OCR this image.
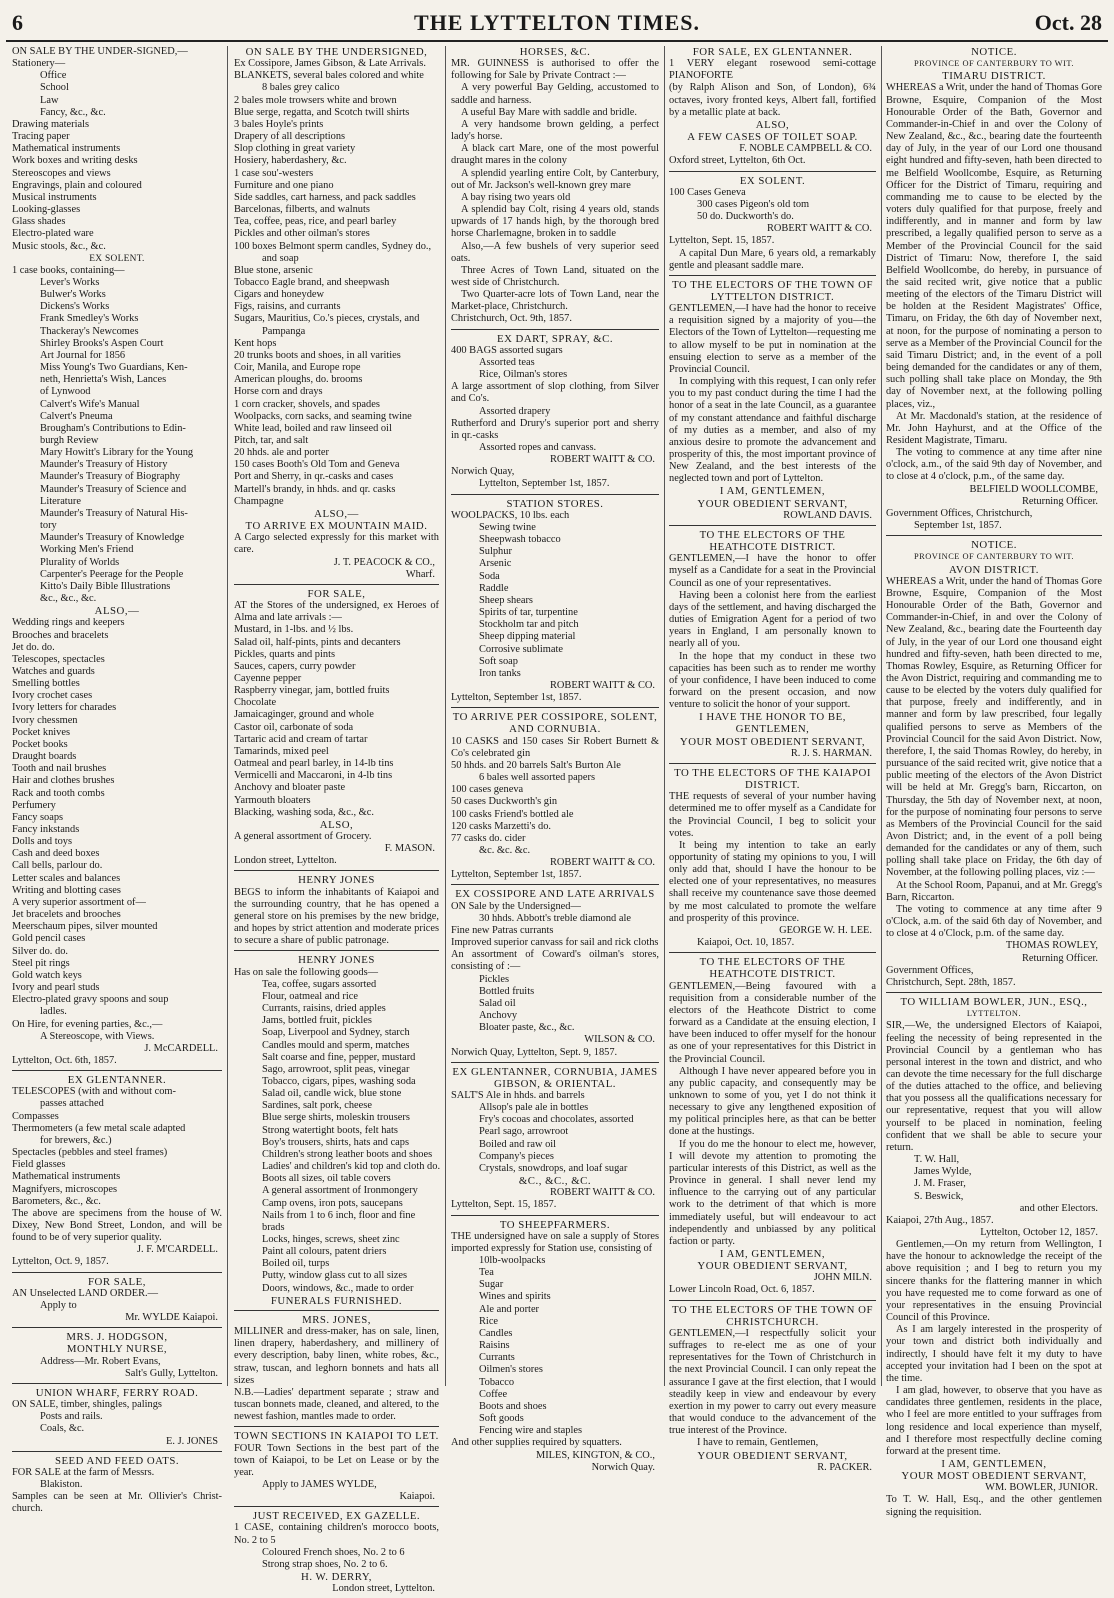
6	THE LYTTELTON TIMES.	Oct. 28
ON SALE BY THE UNDER-SIGNED,—
Stationery—
Office
School
Law
Fancy, &c., &c.
Drawing materials
Tracing paper
Mathematical instruments
Work boxes and writing desks
Stereoscopes and views
Engravings, plain and coloured
Musical instruments
Looking-glasses
Glass shades
Electro-plated ware
Music stools, &c., &c.
EX SOLENT.
1 case books, containing—
Lever's Works
Bulwer's Works
Dickens's Works
Frank Smedley's Works
Thackeray's Newcomes
Shirley Brooks's Aspen Court
Art Journal for 1856
Miss Young's Two Guardians, Ken-
neth, Henrietta's Wish, Lances
of Lynwood
Calvert's Wife's Manual
Calvert's Pneuma
Brougham's Contributions to Edin-
burgh Review
Mary Howitt's Library for the Young
Maunder's Treasury of History
Maunder's Treasury of Biography
Maunder's Treasury of Science and
Literature
Maunder's Treasury of Natural His-
tory
Maunder's Treasury of Knowledge
Working Men's Friend
Plurality of Worlds
Carpenter's Peerage for the People
Kitto's Daily Bible Illustrations
&c., &c., &c.
ALSO,—
Wedding rings and keepers
Brooches and bracelets
Jet do. do.
Telescopes, spectacles
Watches and guards
Smelling bottles
Ivory crochet cases
Ivory letters for charades
Ivory chessmen
Pocket knives
Pocket books
Draught boards
Tooth and nail brushes
Hair and clothes brushes
Rack and tooth combs
Perfumery
Fancy soaps
Fancy inkstands
Dolls and toys
Cash and deed boxes
Call bells, parlour do.
Letter scales and balances
Writing and blotting cases
A very superior assortment of—
Jet bracelets and brooches
Meerschaum pipes, silver mounted
Gold pencil cases
Silver do. do.
Steel pit rings
Gold watch keys
Ivory and pearl studs
Electro-plated gravy spoons and soup
ladles.
On Hire, for evening parties, &c.,—
A Stereoscope, with Views.
J. McCARDELL.
Lyttelton, Oct. 6th, 1857.
EX GLENTANNER.
TELESCOPES (with and without com-
passes attached
Compasses
Thermometers (a few metal scale adapted
for brewers, &c.)
Spectacles (pebbles and steel frames)
Field glasses
Mathematical instruments
Magnifyers, microscopes
Barometers, &c., &c.
The above are specimens from the house of W. Dixey, New Bond Street, London, and will be found to be of very superior quality.
J. F. M'CARDELL.
Lyttelton, Oct. 9, 1857.
FOR SALE,
AN Unselected LAND ORDER.—
Apply to
Mr. WYLDE Kaiapoi.
MRS. J. HODGSON,
MONTHLY NURSE,
Address—Mr. Robert Evans,
Salt's Gully, Lyttelton.
UNION WHARF, FERRY ROAD.
ON SALE, timber, shingles, palings
Posts and rails.
Coals, &c.
E. J. JONES
SEED AND FEED OATS.
FOR SALE at the farm of Messrs.
Blakiston.
Samples can be seen at Mr. Ollivier's Christ-church.
ON SALE BY THE UNDERSIGNED,
Ex Cossipore, James Gibson, & Late Arrivals.
BLANKETS, several bales colored and white
8 bales grey calico
2 bales mole trowsers white and brown
Blue serge, regatta, and Scotch twill shirts
3 bales Hoyle's prints
Drapery of all descriptions
Slop clothing in great variety
Hosiery, haberdashery, &c.
1 case sou'-westers
Furniture and one piano
Side saddles, cart harness, and pack saddles
Barcelonas, filberts, and walnuts
Tea, coffee, peas, rice, and pearl barley
Pickles and other oilman's stores
100 boxes Belmont sperm candles, Sydney do.,
and soap
Blue stone, arsenic
Tobacco Eagle brand, and sheepwash
Cigars and honeydew
Figs, raisins, and currants
Sugars, Mauritius, Co.'s pieces, crystals, and
Pampanga
Kent hops
20 trunks boots and shoes, in all varities
Coir, Manila, and Europe rope
American ploughs, do. brooms
Horse corn and drays
1 corn cracker, shovels, and spades
Woolpacks, corn sacks, and seaming twine
White lead, boiled and raw linseed oil
Pitch, tar, and salt
20 hhds. ale and porter
150 cases Booth's Old Tom and Geneva
Port and Sherry, in qr.-casks and cases
Martell's brandy, in hhds. and qr. casks
Champagne
ALSO,—
TO ARRIVE EX MOUNTAIN MAID.
A Cargo selected expressly for this market with care.
J. T. PEACOCK & CO.,
Wharf.
FOR SALE,
AT the Stores of the undersigned, ex Heroes of Alma and late arrivals :—
Mustard, in 1-lbs. and ½ lbs.
Salad oil, half-pints, pints and decanters
Pickles, quarts and pints
Sauces, capers, curry powder
Cayenne pepper
Raspberry vinegar, jam, bottled fruits
Chocolate
Jamaicaginger, ground and whole
Castor oil, carbonate of soda
Tartaric acid and cream of tartar
Tamarinds, mixed peel
Oatmeal and pearl barley, in 14-lb tins
Vermicelli and Maccaroni, in 4-lb tins
Anchovy and bloater paste
Yarmouth bloaters
Blacking, washing soda, &c., &c.
ALSO,
A general assortment of Grocery.
F. MASON.
London street, Lyttelton.
HENRY JONES
BEGS to inform the inhabitants of Kaiapoi and the surrounding country, that he has opened a general store on his premises by the new bridge, and hopes by strict attention and moderate prices to secure a share of public patronage.
HENRY JONES
Has on sale the following goods—
Tea, coffee, sugars assorted
Flour, oatmeal and rice
Currants, raisins, dried apples
Jams, bottled fruit, pickles
Soap, Liverpool and Sydney, starch
Candles mould and sperm, matches
Salt coarse and fine, pepper, mustard
Sago, arrowroot, split peas, vinegar
Tobacco, cigars, pipes, washing soda
Salad oil, candle wick, blue stone
Sardines, salt pork, cheese
Blue serge shirts, moleskin trousers
Strong watertight boots, felt hats
Boy's trousers, shirts, hats and caps
Children's strong leather boots and shoes
Ladies' and children's kid top and cloth do.
Boots all sizes, oil table covers
A general assortment of Ironmongery
Camp ovens, iron pots, saucepans
Nails from 1 to 6 inch, floor and fine
brads
Locks, hinges, screws, sheet zinc
Paint all colours, patent driers
Boiled oil, turps
Putty, window glass cut to all sizes
Doors, windows, &c., made to order
FUNERALS FURNISHED.
MRS. JONES,
MILLINER and dress-maker, has on sale, linen, linen drapery, haberdashery, and millinery of every description, baby linen, white robes, &c., straw, tuscan, and leghorn bonnets and hats all sizes
N.B.—Ladies' department separate ; straw and tuscan bonnets made, cleaned, and altered, to the newest fashion, mantles made to order.
TOWN SECTIONS IN KAIAPOI TO LET.
FOUR Town Sections in the best part of the town of Kaiapoi, to be Let on Lease or by the year.
Apply to JAMES WYLDE,
Kaiapoi.
JUST RECEIVED, EX GAZELLE.
1 CASE, containing children's morocco boots, No. 2 to 5
Coloured French shoes, No. 2 to 6
Strong strap shoes, No. 2 to 6.
H. W. DERRY,
London street, Lyttelton.
HORSES, &C.
MR. GUINNESS is authorised to offer the following for Sale by Private Contract :—
A very powerful Bay Gelding, accustomed to saddle and harness.
A useful Bay Mare with saddle and bridle.
A very handsome brown gelding, a perfect lady's horse.
A black cart Mare, one of the most powerful draught mares in the colony
A splendid yearling entire Colt, by Canterbury, out of Mr. Jackson's well-known grey mare
A bay rising two years old
A splendid bay Colt, rising 4 years old, stands upwards of 17 hands high, by the thorough bred horse Charlemagne, broken in to saddle
Also,—A few bushels of very superior seed oats.
Three Acres of Town Land, situated on the west side of Christchurch.
Two Quarter-acre lots of Town Land, near the Market-place, Christchurch.
Christchurch, Oct. 9th, 1857.
EX DART, SPRAY, &C.
400 BAGS assorted sugars
Assorted teas
Rice, Oilman's stores
A large assortment of slop clothing, from Silver and Co's.
Assorted drapery
Rutherford and Drury's superior port and sherry in qr.-casks
Assorted ropes and canvass.
ROBERT WAITT & CO.
Norwich Quay,
Lyttelton, September 1st, 1857.
STATION STORES.
WOOLPACKS, 10 lbs. each
Sewing twine
Sheepwash tobacco
Sulphur
Arsenic
Soda
Raddle
Sheep shears
Spirits of tar, turpentine
Stockholm tar and pitch
Sheep dipping material
Corrosive sublimate
Soft soap
Iron tanks
ROBERT WAITT & CO.
Lyttelton, September 1st, 1857.
TO ARRIVE PER COSSIPORE, SOLENT, AND CORNUBIA.
10 CASKS and 150 cases Sir Robert Burnett & Co's celebrated gin
50 hhds. and 20 barrels Salt's Burton Ale
6 bales well assorted papers
100 cases geneva
50 cases Duckworth's gin
100 casks Friend's bottled ale
120 casks Marzetti's do.
77 casks do. cider
&c. &c. &c.
ROBERT WAITT & CO.
Lyttelton, September 1st, 1857.
EX COSSIPORE AND LATE ARRIVALS
ON Sale by the Undersigned—
30 hhds. Abbott's treble diamond ale
Fine new Patras currants
Improved superior canvass for sail and rick cloths
An assortment of Coward's oilman's stores, consisting of :—
Pickles
Bottled fruits
Salad oil
Anchovy
Bloater paste, &c., &c.
WILSON & CO.
Norwich Quay, Lyttelton, Sept. 9, 1857.
EX GLENTANNER, CORNUBIA, JAMES GIBSON, & ORIENTAL.
SALT'S Ale in hhds. and barrels
Allsop's pale ale in bottles
Fry's cocoas and chocolates, assorted
Pearl sago, arrowroot
Boiled and raw oil
Company's pieces
Crystals, snowdrops, and loaf sugar
&C., &C., &C.
ROBERT WAITT & CO.
Lyttelton, Sept. 15, 1857.
TO SHEEPFARMERS.
THE undersigned have on sale a supply of Stores imported expressly for Station use, consisting of
10lb-woolpacks
Tea
Sugar
Wines and spirits
Ale and porter
Rice
Candles
Raisins
Currants
Oilmen's stores
Tobacco
Coffee
Boots and shoes
Soft goods
Fencing wire and staples
And other supplies required by squatters.
MILES, KINGTON, & CO.,
Norwich Quay.
FOR SALE, EX GLENTANNER.
1 VERY elegant rosewood semi-cottage PIANOFORTE
(by Ralph Alison and Son, of London), 6¾ octaves, ivory fronted keys, Albert fall, fortified by a metallic plate at back.
ALSO,
A FEW CASES OF TOILET SOAP.
F. NOBLE CAMPBELL & CO.
Oxford street, Lyttelton, 6th Oct.
EX SOLENT.
100 Cases Geneva
300 cases Pigeon's old tom
50 do. Duckworth's do.
ROBERT WAITT & CO.
Lyttelton, Sept. 15, 1857.
A capital Dun Mare, 6 years old, a remarkably gentle and pleasant saddle mare.
TO THE ELECTORS OF THE TOWN OF LYTTELTON DISTRICT.
GENTLEMEN,—I have had the honor to receive a requisition signed by a majority of you—the Electors of the Town of Lyttelton—requesting me to allow myself to be put in nomination at the ensuing election to serve as a member of the Provincial Council.
In complying with this request, I can only refer you to my past conduct during the time I had the honor of a seat in the late Council, as a guarantee of my constant attendance and faithful discharge of my duties as a member, and also of my anxious desire to promote the advancement and prosperity of this, the most important province of New Zealand, and the best interests of the neglected town and port of Lyttelton.
I AM, GENTLEMEN,
YOUR OBEDIENT SERVANT,
ROWLAND DAVIS.
TO THE ELECTORS OF THE HEATHCOTE DISTRICT.
GENTLEMEN,—I have the honor to offer myself as a Candidate for a seat in the Provincial Council as one of your representatives.
Having been a colonist here from the earliest days of the settlement, and having discharged the duties of Emigration Agent for a period of two years in England, I am personally known to nearly all of you.
In the hope that my conduct in these two capacities has been such as to render me worthy of your confidence, I have been induced to come forward on the present occasion, and now venture to solicit the honor of your support.
I HAVE THE HONOR TO BE, GENTLEMEN,
YOUR MOST OBEDIENT SERVANT,
R. J. S. HARMAN.
TO THE ELECTORS OF THE KAIAPOI DISTRICT.
THE requests of several of your number having determined me to offer myself as a Candidate for the Provincial Council, I beg to solicit your votes.
It being my intention to take an early opportunity of stating my opinions to you, I will only add that, should I have the honour to be elected one of your representatives, no measures shall receive my countenance save those deemed by me most calculated to promote the welfare and prosperity of this province.
GEORGE W. H. LEE.
Kaiapoi, Oct. 10, 1857.
TO THE ELECTORS OF THE HEATHCOTE DISTRICT.
GENTLEMEN,—Being favoured with a requisition from a considerable number of the electors of the Heathcote District to come forward as a Candidate at the ensuing election, I have been induced to offer myself for the honour as one of your representatives for this District in the Provincial Council.
Although I have never appeared before you in any public capacity, and consequently may be unknown to some of you, yet I do not think it necessary to give any lengthened exposition of my political principles here, as that can be better done at the hustings.
If you do me the honour to elect me, however, I will devote my attention to promoting the particular interests of this District, as well as the Province in general. I shall never lend my influence to the carrying out of any particular work to the detriment of that which is more immediately useful, but will endeavour to act independently and unbiassed by any political faction or party.
I AM, GENTLEMEN,
YOUR OBEDIENT SERVANT,
JOHN MILN.
Lower Lincoln Road, Oct. 6, 1857.
TO THE ELECTORS OF THE TOWN OF CHRISTCHURCH.
GENTLEMEN,—I respectfully solicit your suffrages to re-elect me as one of your representatives for the Town of Christchurch in the next Provincial Council. I can only repeat the assurance I gave at the first election, that I would steadily keep in view and endeavour by every exertion in my power to carry out every measure that would conduce to the advancement of the true interest of the Province.
I have to remain, Gentlemen,
YOUR OBEDIENT SERVANT,
R. PACKER.
NOTICE.
PROVINCE OF CANTERBURY TO WIT.
TIMARU DISTRICT.
WHEREAS a Writ, under the hand of Thomas Gore Browne, Esquire, Companion of the Most Honourable Order of the Bath, Governor and Commander-in-Chief in and over the Colony of New Zealand, &c., &c., bearing date the fourteenth day of July, in the year of our Lord one thousand eight hundred and fifty-seven, hath been directed to me Belfield Woollcombe, Esquire, as Returning Officer for the District of Timaru, requiring and commanding me to cause to be elected by the voters duly qualified for that purpose, freely and indifferently, and in manner and form by law prescribed, a legally qualified person to serve as a Member of the Provincial Council for the said District of Timaru: Now, therefore I, the said Belfield Woollcombe, do hereby, in pursuance of the said recited writ, give notice that a public meeting of the electors of the Timaru District will be holden at the Resident Magistrates' Office, Timaru, on Friday, the 6th day of November next, at noon, for the purpose of nominating a person to serve as a Member of the Provincial Council for the said Timaru District; and, in the event of a poll being demanded for the candidates or any of them, such polling shall take place on Monday, the 9th day of November next, at the following polling places, viz.,
At Mr. Macdonald's station, at the residence of Mr. John Hayhurst, and at the Office of the Resident Magistrate, Timaru.
The voting to commence at any time after nine o'clock, a.m., of the said 9th day of November, and to close at 4 o'clock, p.m., of the same day.
BELFIELD WOOLLCOMBE,
Returning Officer.
Government Offices, Christchurch,
September 1st, 1857.
NOTICE.
PROVINCE OF CANTERBURY TO WIT.
AVON DISTRICT.
WHEREAS a Writ, under the hand of Thomas Gore Browne, Esquire, Companion of the Most Honourable Order of the Bath, Governor and Commander-in-Chief, in and over the Colony of New Zealand, &c., bearing date the Fourteenth day of July, in the year of our Lord one thousand eight hundred and fifty-seven, hath been directed to me, Thomas Rowley, Esquire, as Returning Officer for the Avon District, requiring and commanding me to cause to be elected by the voters duly qualified for that purpose, freely and indifferently, and in manner and form by law prescribed, four legally qualified persons to serve as Members of the Provincial Council for the said Avon District. Now, therefore, I, the said Thomas Rowley, do hereby, in pursuance of the said recited writ, give notice that a public meeting of the electors of the Avon District will be held at Mr. Gregg's barn, Riccarton, on Thursday, the 5th day of November next, at noon, for the purpose of nominating four persons to serve as Members of the Provincial Council for the said Avon District; and, in the event of a poll being demanded for the candidates or any of them, such polling shall take place on Friday, the 6th day of November, at the following polling places, viz :—
At the School Room, Papanui, and at Mr. Gregg's Barn, Riccarton.
The voting to commence at any time after 9 o'Clock, a.m. of the said 6th day of November, and to close at 4 o'Clock, p.m. of the same day.
THOMAS ROWLEY,
Returning Officer.
Government Offices,
Christchurch, Sept. 28th, 1857.
TO WILLIAM BOWLER, JUN., ESQ.,
LYTTELTON.
SIR,—We, the undersigned Electors of Kaiapoi, feeling the necessity of being represented in the Provincial Council by a gentleman who has personal interest in the town and district, and who can devote the time necessary for the full discharge of the duties attached to the office, and believing that you possess all the qualifications necessary for our representative, request that you will allow yourself to be placed in nomination, feeling confident that we shall be able to secure your return.
T. W. Hall,
James Wylde,
J. M. Fraser,
S. Beswick,
and other Electors.
Kaiapoi, 27th Aug., 1857.
Lyttelton, October 12, 1857.
Gentlemen,—On my return from Wellington, I have the honour to acknowledge the receipt of the above requisition ; and I beg to return you my sincere thanks for the flattering manner in which you have requested me to come forward as one of your representatives in the ensuing Provincial Council of this Province.
As I am largely interested in the prosperity of your town and district both individually and indirectly, I should have felt it my duty to have accepted your invitation had I been on the spot at the time.
I am glad, however, to observe that you have as candidates three gentlemen, residents in the place, who I feel are more entitled to your suffrages from long residence and local experience than myself, and I therefore most respectfully decline coming forward at the present time.
I AM, GENTLEMEN,
YOUR MOST OBEDIENT SERVANT,
WM. BOWLER, JUNIOR.
To T. W. Hall, Esq., and the other gentlemen signing the requisition.
